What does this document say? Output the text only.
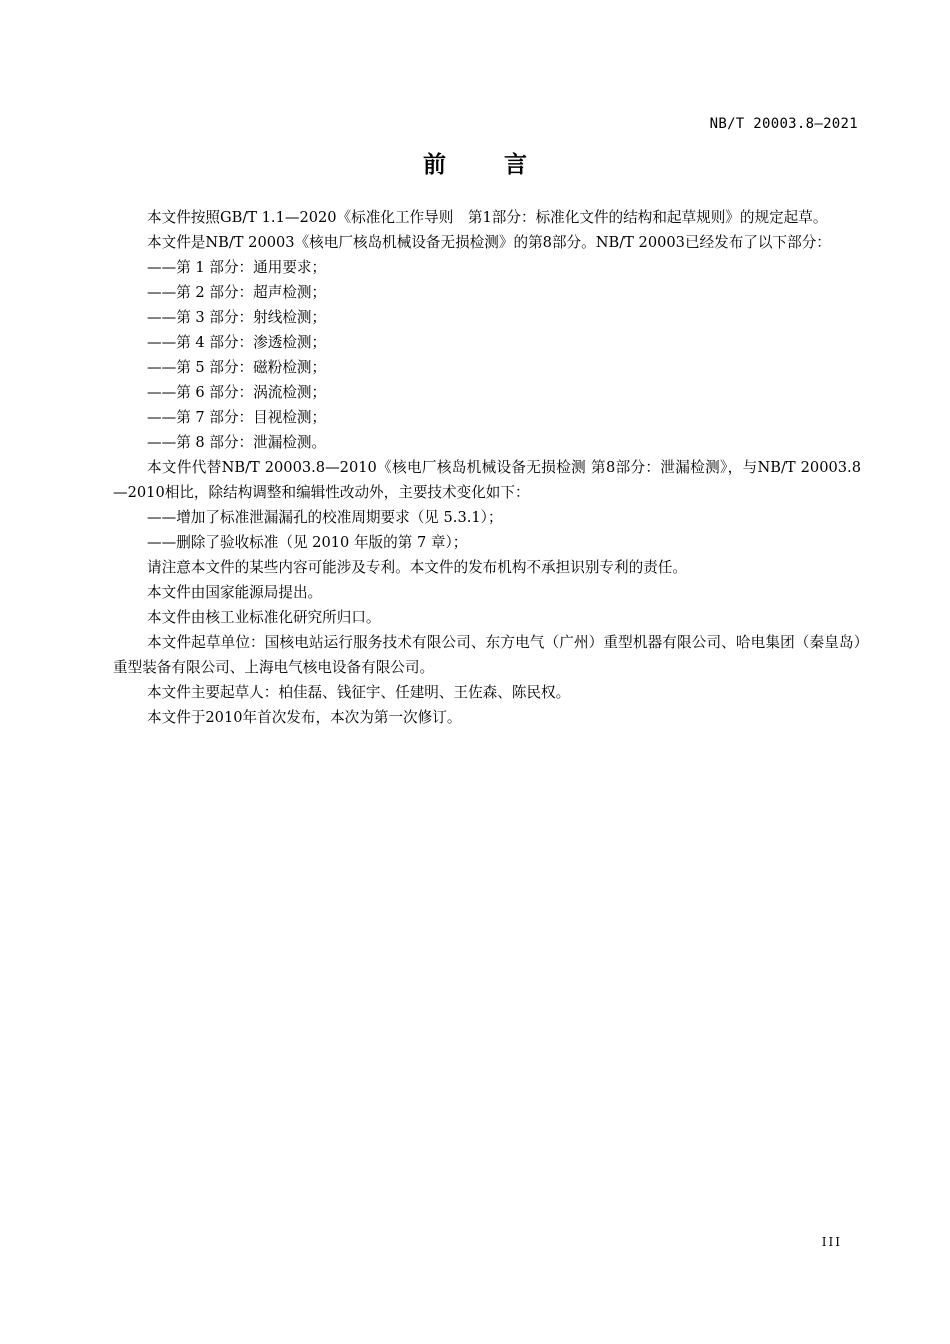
NB/T 20003.8—2021
前言

本文件按照GB/T 1.1—2020《标准化工作导则　第1部分：标准化文件的结构和起草规则》的规定起草。

本文件是NB/T 20003《核电厂核岛机械设备无损检测》的第8部分。NB/T 20003已经发布了以下部分：

——第 1 部分：通用要求；

——第 2 部分：超声检测；

——第 3 部分：射线检测；

——第 4 部分：渗透检测；

——第 5 部分：磁粉检测；

——第 6 部分：涡流检测；

——第 7 部分：目视检测；

——第 8 部分：泄漏检测。

本文件代替NB/T 20003.8—2010《核电厂核岛机械设备无损检测 第8部分：泄漏检测》，与NB/T 20003.8—2010相比，除结构调整和编辑性改动外，主要技术变化如下：

——增加了标准泄漏漏孔的校准周期要求（见 5.3.1）；

——删除了验收标准（见 2010 年版的第 7 章）；

请注意本文件的某些内容可能涉及专利。本文件的发布机构不承担识别专利的责任。

本文件由国家能源局提出。

本文件由核工业标准化研究所归口。

本文件起草单位：国核电站运行服务技术有限公司、东方电气（广州）重型机器有限公司、哈电集团（秦皇岛）重型装备有限公司、上海电气核电设备有限公司。

本文件主要起草人：柏佳磊、钱征宇、任建明、王佐森、陈民权。

本文件于2010年首次发布，本次为第一次修订。

III
